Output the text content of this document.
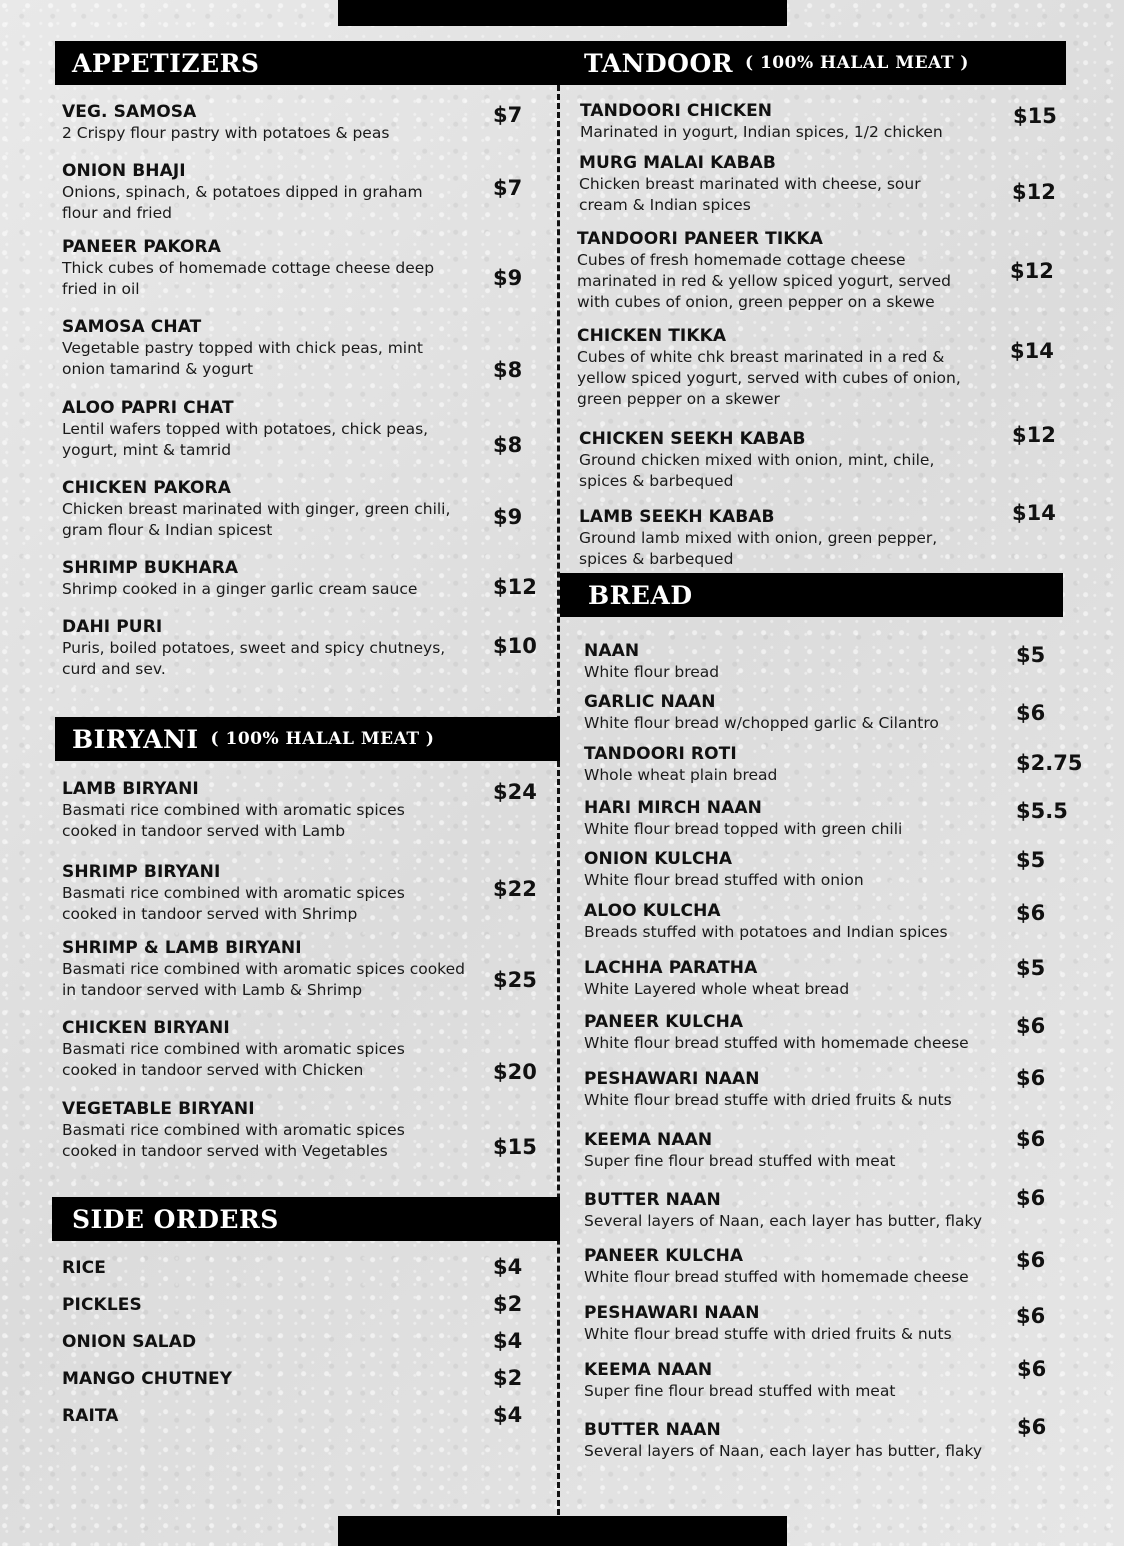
APPETIZERS
VEG. SAMOSA
2 Crispy flour pastry with potatoes & peas
$7
ONION BHAJI
Onions, spinach, & potatoes dipped in graham flour and fried
$7
PANEER PAKORA
Thick cubes of homemade cottage cheese deep fried in oil	$9
SAMOSA CHAT
Vegetable pastry topped with chick peas, mint onion tamarind & yogurt	$8
ALOO PAPRI CHAT
Lentil wafers topped with potatoes, chick peas, yogurt, mint & tamrid	$8
CHICKEN PAKORA
Chicken breast marinated with ginger, green chili, gram flour & Indian spicest
$9
SHRIMP BUKHARA
Shrimp cooked in a ginger garlic cream sauce	$12
DAHI PURI
Puris, boiled potatoes, sweet and spicy chutneys, curd and sev.
$10
BIRYANI ( 100% HALAL MEAT )
LAMB BIRYANI
Basmati rice combined with aromatic spices cooked in tandoor served with Lamb
$24
SHRIMP BIRYANI
Basmati rice combined with aromatic spices cooked in tandoor served with Shrimp
$22
SHRIMP & LAMB BIRYANI
Basmati rice combined with aromatic spices cooked in tandoor served with Lamb & Shrimp	$25
CHICKEN BIRYANI
Basmati rice combined with aromatic spices cooked in tandoor served with Chicken	$20
VEGETABLE BIRYANI
Basmati rice combined with aromatic spices cooked in tandoor served with Vegetables	$15
SIDE ORDERS
RICE	$4
PICKLES	$2
ONION SALAD	$4
MANGO CHUTNEY	$2
RAITA	$4
TANDOOR ( 100% HALAL MEAT )
TANDOORI CHICKEN
Marinated in yogurt, Indian spices, 1/2 chicken
$15
MURG MALAI KABAB
Chicken breast marinated with cheese, sour cream & Indian spices
$12
TANDOORI PANEER TIKKA
Cubes of fresh homemade cottage cheese marinated in red & yellow spiced yogurt, served with cubes of onion, green pepper on a skewe
$12
CHICKEN TIKKA
Cubes of white chk breast marinated in a red & yellow spiced yogurt, served with cubes of onion, green pepper on a skewer
$14
CHICKEN SEEKH KABAB
Ground chicken mixed with onion, mint, chile, spices & barbequed
$12
LAMB SEEKH KABAB
Ground lamb mixed with onion, green pepper, spices & barbequed
$14
BREAD
NAAN
White flour bread
$5
GARLIC NAAN
White flour bread w/chopped garlic & Cilantro	$6
TANDOORI ROTI
Whole wheat plain bread	$2.75
HARI MIRCH NAAN
White flour bread topped with green chili
$5.5
ONION KULCHA
White flour bread stuffed with onion
$5
ALOO KULCHA
Breads stuffed with potatoes and Indian spices
$6
LACHHA PARATHA
White Layered whole wheat bread
$5
PANEER KULCHA
White flour bread stuffed with homemade cheese
$6
PESHAWARI NAAN
White flour bread stuffe with dried fruits & nuts
$6
KEEMA NAAN
Super fine flour bread stuffed with meat
$6
BUTTER NAAN
Several layers of Naan, each layer has butter, flaky
$6
PANEER KULCHA
White flour bread stuffed with homemade cheese
$6
PESHAWARI NAAN
White flour bread stuffe with dried fruits & nuts
$6
KEEMA NAAN
Super fine flour bread stuffed with meat
$6
BUTTER NAAN
Several layers of Naan, each layer has butter, flaky
$6
